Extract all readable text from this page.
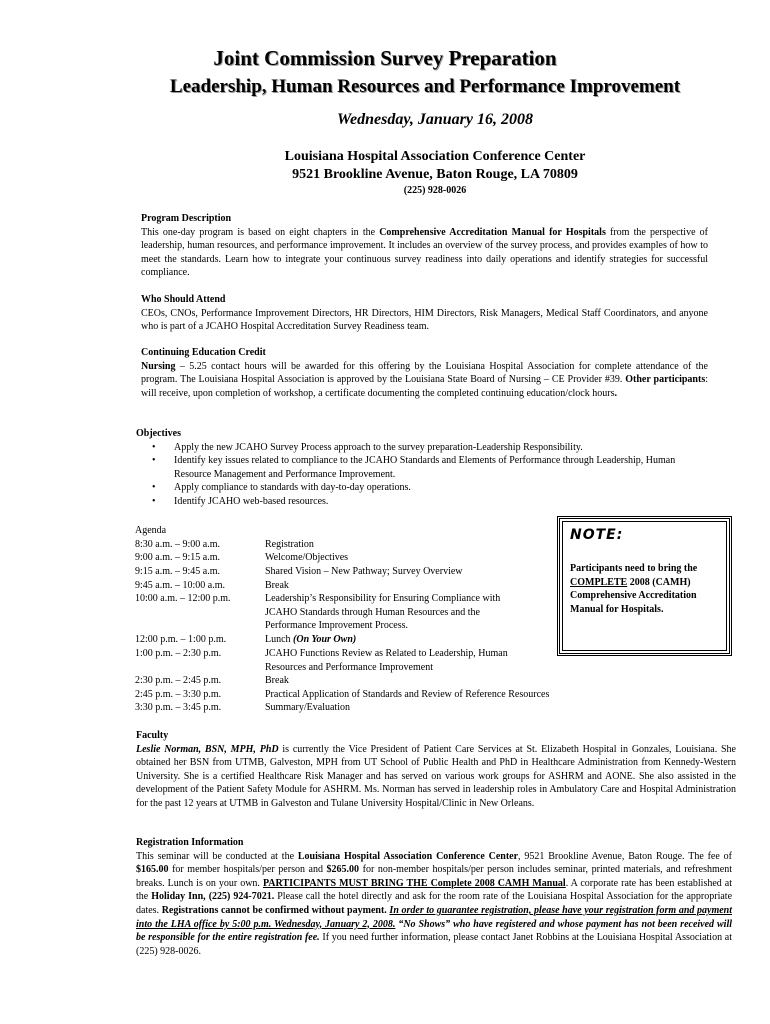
Joint Commission Survey Preparation
Leadership, Human Resources and Performance Improvement
Wednesday, January 16, 2008
Louisiana Hospital Association Conference Center
9521 Brookline Avenue, Baton Rouge, LA 70809
(225) 928-0026
Program Description
This one-day program is based on eight chapters in the Comprehensive Accreditation Manual for Hospitals from the perspective of leadership, human resources, and performance improvement. It includes an overview of the survey process, and provides examples of how to meet the standards. Learn how to integrate your continuous survey readiness into daily operations and identify strategies for successful compliance.
Who Should Attend
CEOs, CNOs, Performance Improvement Directors, HR Directors, HIM Directors, Risk Managers, Medical Staff Coordinators, and anyone who is part of a JCAHO Hospital Accreditation Survey Readiness team.
Continuing Education Credit
Nursing – 5.25 contact hours will be awarded for this offering by the Louisiana Hospital Association for complete attendance of the program. The Louisiana Hospital Association is approved by the Louisiana State Board of Nursing – CE Provider #39. Other participants: will receive, upon completion of workshop, a certificate documenting the completed continuing education/clock hours.
Objectives
• Apply the new JCAHO Survey Process approach to the survey preparation-Leadership Responsibility.
• Identify key issues related to compliance to the JCAHO Standards and Elements of Performance through Leadership, Human Resource Management and Performance Improvement.
• Apply compliance to standards with day-to-day operations.
• Identify JCAHO web-based resources.
Agenda
8:30 a.m. – 9:00 a.m.	Registration
9:00 a.m. – 9:15 a.m.	Welcome/Objectives
9:15 a.m. – 9:45 a.m.	Shared Vision – New Pathway; Survey Overview
9:45 a.m. – 10:00 a.m.	Break
10:00 a.m. – 12:00 p.m.	Leadership’s Responsibility for Ensuring Compliance with JCAHO Standards through Human Resources and the Performance Improvement Process.
12:00 p.m. – 1:00 p.m.	Lunch (On Your Own)
1:00 p.m. – 2:30 p.m.	JCAHO Functions Review as Related to Leadership, Human Resources and Performance Improvement
2:30 p.m. – 2:45 p.m.	Break
2:45 p.m. – 3:30 p.m.	Practical Application of Standards and Review of Reference Resources
3:30 p.m. – 3:45 p.m.	Summary/Evaluation
NOTE:
Participants need to bring the COMPLETE 2008 (CAMH) Comprehensive Accreditation Manual for Hospitals.
Faculty
Leslie Norman, BSN, MPH, PhD is currently the Vice President of Patient Care Services at St. Elizabeth Hospital in Gonzales, Louisiana. She obtained her BSN from UTMB, Galveston, MPH from UT School of Public Health and PhD in Healthcare Administration from Kennedy-Western University. She is a certified Healthcare Risk Manager and has served on various work groups for ASHRM and AONE. She also assisted in the development of the Patient Safety Module for ASHRM. Ms. Norman has served in leadership roles in Ambulatory Care and Hospital Administration for the past 12 years at UTMB in Galveston and Tulane University Hospital/Clinic in New Orleans.
Registration Information
This seminar will be conducted at the Louisiana Hospital Association Conference Center, 9521 Brookline Avenue, Baton Rouge. The fee of $165.00 for member hospitals/per person and $265.00 for non-member hospitals/per person includes seminar, printed materials, and refreshment breaks. Lunch is on your own. PARTICIPANTS MUST BRING THE Complete 2008 CAMH Manual. A corporate rate has been established at the Holiday Inn, (225) 924-7021. Please call the hotel directly and ask for the room rate of the Louisiana Hospital Association for the appropriate dates. Registrations cannot be confirmed without payment. In order to guarantee registration, please have your registration form and payment into the LHA office by 5:00 p.m. Wednesday, January 2, 2008. “No Shows” who have registered and whose payment has not been received will be responsible for the entire registration fee. If you need further information, please contact Janet Robbins at the Louisiana Hospital Association at (225) 928-0026.
